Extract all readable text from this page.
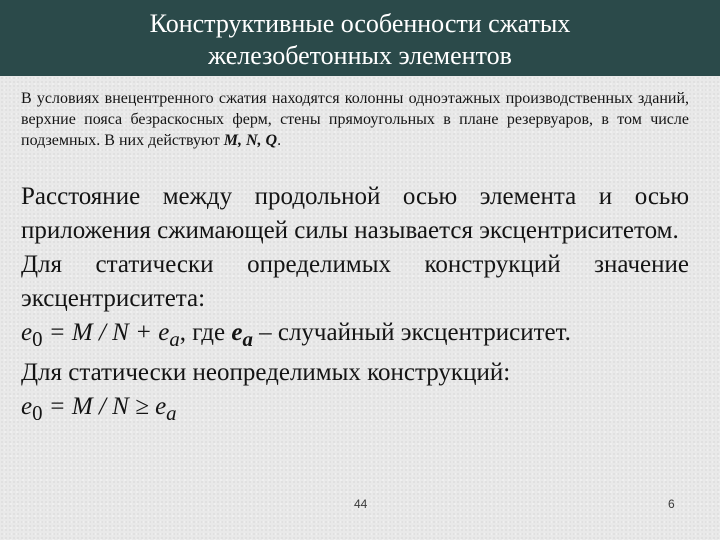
Конструктивные особенности сжатых
железобетонных элементов

В условиях внецентренного сжатия находятся колонны одноэтажных производственных зданий, верхние пояса безраскосных ферм, стены прямоугольных в плане резервуаров, в том числе подземных. В них действуют M, N, Q.

Расстояние между продольной осью элемента и осью приложения сжимающей силы называется эксцентриситетом.

Для статически определимых конструкций значение эксцентриситета:

$e_0 = M / N + e_a$, где $e_a$ – случайный эксцентриситет.

Для статически неопределимых конструкций:

$e_0 = M / N \ge e_a$

44	6
